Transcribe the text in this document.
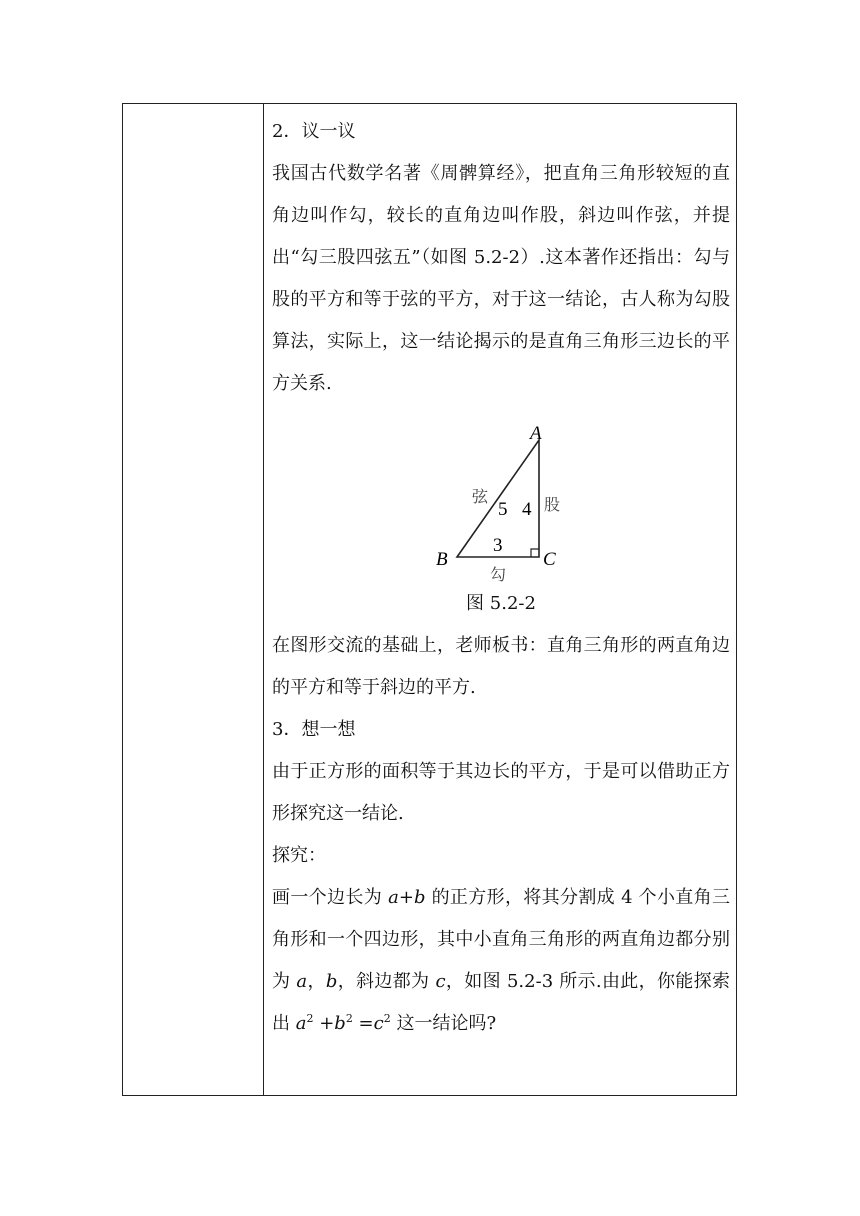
2．议一议

我国古代数学名著《周髀算经》，把直角三角形较短的直角边叫作勾，较长的直角边叫作股，斜边叫作弦，并提出“勾三股四弦五”（如图 5.2-2）.这本著作还指出：勾与股的平方和等于弦的平方，对于这一结论，古人称为勾股算法，实际上，这一结论揭示的是直角三角形三边长的平方关系.

A
B	C
弦	股
勾
5 4
3

图 5.2-2

在图形交流的基础上，老师板书：直角三角形的两直角边的平方和等于斜边的平方.

3．想一想

由于正方形的面积等于其边长的平方，于是可以借助正方形探究这一结论.

探究：

画一个边长为 a+b 的正方形，将其分割成 4 个小直角三角形和一个四边形，其中小直角三角形的两直角边都分别为 a，b，斜边都为 c，如图 5.2-3 所示.由此，你能探索出 $a^2 +b^2 =c^2$ 这一结论吗?
